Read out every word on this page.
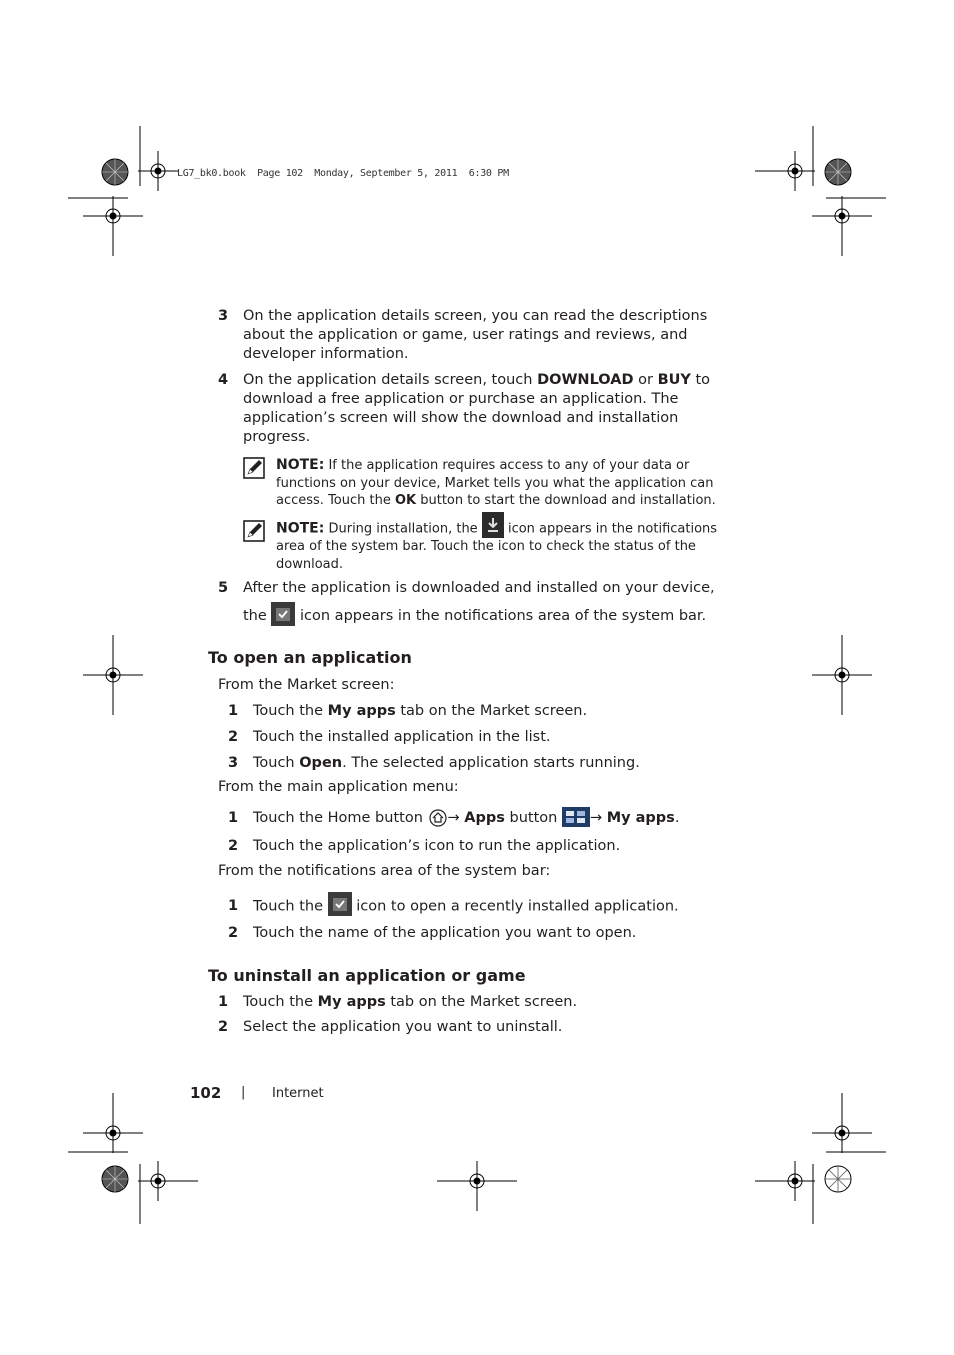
LG7_bk0.book  Page 102  Monday, September 5, 2011  6:30 PM
3 On the application details screen, you can read the descriptions
about the application or game, user ratings and reviews, and
developer information.
4 On the application details screen, touch DOWNLOAD or BUY to
download a free application or purchase an application. The
application’s screen will show the download and installation
progress.
NOTE: If the application requires access to any of your data or
functions on your device, Market tells you what the application can
access. Touch the OK button to start the download and installation.
NOTE: During installation, the  icon appears in the notifications
area of the system bar. Touch the icon to check the status of the
download.
5 After the application is downloaded and installed on your device,
the  icon appears in the notifications area of the system bar.
To open an application
From the Market screen:
1 Touch the My apps tab on the Market screen.
2 Touch the installed application in the list.
3 Touch Open. The selected application starts running.
From the main application menu:
1 Touch the Home button → Apps button → My apps.
2 Touch the application’s icon to run the application.
From the notifications area of the system bar:
1 Touch the  icon to open a recently installed application.
2 Touch the name of the application you want to open.
To uninstall an application or game
1 Touch the My apps tab on the Market screen.
2 Select the application you want to uninstall.
102 | Internet
